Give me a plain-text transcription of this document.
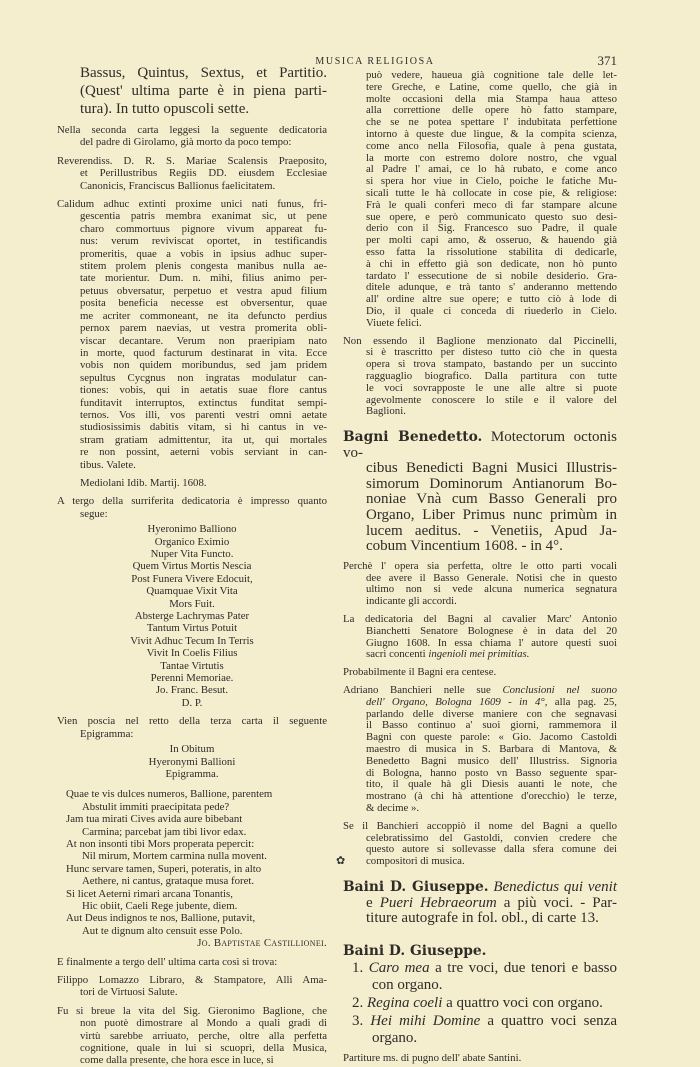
MUSICA RELIGIOSA	371
Bassus, Quintus, Sextus, et Partitio.
(Quest' ultima parte è in piena parti-
tura). In tutto opuscoli sette.
Nella seconda carta leggesi la seguente dedicatoria
del padre di Girolamo, già morto da poco tempo:
Reverendiss. D. R. S. Mariae Scalensis Praeposito,
et Perillustribus Regiis DD. eiusdem Ecclesiae
Canonicis, Franciscus Ballionus faelicitatem.
Calidum adhuc extinti proxime unici nati funus, fri-
gescentia patris membra exanimat sic, ut pene
charo commortuus pignore vivum appareat fu-
nus: verum reviviscat oportet, in testificandis
promeritis, quae a vobis in ipsius adhuc super-
stitem prolem plenis congesta manibus nulla ae-
tate morientur. Dum. n. mihi, filius animo per-
petuus obversatur, perpetuo et vestra apud filium
posita beneficia necesse est obversentur, quae
me acriter commoneant, ne ita defuncto perdius
pernox parem naevias, ut vestra promerita obli-
viscar decantare. Verum non praeripiam nato
in morte, quod facturum destinarat in vita. Ecce
vobis non quidem moribundus, sed jam pridem
sepultus Cycgnus non ingratas modulatur can-
tiones: vobis, qui in aetatis suae flore cantus
funditavit interruptos, extinctus funditat sempi-
ternos. Vos illi, vos parenti vestri omni aetate
studiosissimis dabitis vitam, si hi cantus in ve-
stram gratiam admittentur, ita ut, qui mortales
re non possint, aeterni vobis serviant in can-
tibus. Valete.
Mediolani Idib. Martij. 1608.
A tergo della surriferita dedicatoria è impresso quanto
segue:
Hyeronimo Balliono
Organico Eximio
Nuper Vita Functo.
Quem Virtus Mortis Nescia
Post Funera Vivere Edocuit,
Quamquae Vixit Vita
Mors Fuit.
Absterge Lachrymas Pater
Tantum Virtus Potuit
Vivit Adhuc Tecum In Terris
Vivit In Coelis Filius
Tantae Virtutis
Perenni Memoriae.
Jo. Franc. Besut.
D. P.
Vien poscia nel retto della terza carta il seguente
Epigramma:
In Obitum
Hyeronymi Ballioni
Epigramma.
Quae te vis dulces numeros, Ballione, parentem
Abstulit immiti praecipitata pede?
Jam tua mirati Cives avida aure bibebant
Carmina; parcebat jam tibi livor edax.
At non insonti tibi Mors properata pepercit:
Nil mirum, Mortem carmina nulla movent.
Hunc servare tamen, Superi, poteratis, in alto
Aethere, ni cantus, grataque musa foret.
Si licet Aeterni rimari arcana Tonantis,
Hic obiit, Caeli Rege jubente, diem.
Aut Deus indignos te nos, Ballione, putavit,
Aut te dignum alto censuit esse Polo.
Jo. Baptistae Castillionei.
E finalmente a tergo dell' ultima carta così si trova:
Filippo Lomazzo Libraro, & Stampatore, Alli Ama-
tori de Virtuosi Salute.
Fu si breue la vita del Sig. Gieronimo Baglione, che
non puotè dimostrare al Mondo a quali gradi di
virtù sarebbe arriuato, perche, oltre alla perfetta
cognitione, quale in lui si scuoprì, della Musica,
come dalla presente, che hora esce in luce, si
può vedere, haueua già cognitione tale delle let-
tere Greche, e Latine, come quello, che già in
molte occasioni della mia Stampa haua atteso
alla correttione delle opere hò fatto stampare,
che se ne potea spettare l' indubitata perfettione
intorno à queste due lingue, & la compita scienza,
come anco nella Filosofia, quale à pena gustata,
la morte con estremo dolore nostro, che vgual
al Padre l' amai, ce lo hà rubato, e come anco
si spera hor viue in Cielo, poiche le fatiche Mu-
sicali tutte le hà collocate in cose pie, & religiose:
Frà le quali conferì meco di far stampare alcune
sue opere, e però communicato questo suo desi-
derio con il Sig. Francesco suo Padre, il quale
per molti capi amo, & osseruo, & hauendo già
esso fatta la rissolutione stabilita di dedicarle,
à chi in effetto già son dedicate, non hò punto
tardato l' essecutione de sì nobile desiderio. Gra-
ditele adunque, e trà tanto s' anderanno mettendo
all' ordine altre sue opere; e tutto ciò à lode di
Dio, il quale ci conceda di riuederlo in Cielo.
Viuete felici.
Non essendo il Baglione menzionato dal Piccinelli,
si è trascritto per disteso tutto ciò che in questa
opera si trova stampato, bastando per un succinto
ragguaglio biografico. Dalla partitura con tutte
le voci sovrapposte le une alle altre si puote
agevolmente conoscere lo stile e il valore del
Baglioni.
Bagni Benedetto. Motectorum octonis vo-
cibus Benedicti Bagni Musici Illustris-
simorum Dominorum Antianorum Bo-
noniae Vnà cum Basso Generali pro
Organo, Liber Primus nunc primùm in
lucem aeditus. - Venetiis, Apud Ja-
cobum Vincentium 1608. - in 4°.
Perchè l' opera sia perfetta, oltre le otto parti vocali
dee avere il Basso Generale. Notisi che in questo
ultimo non si vede alcuna numerica segnatura
indicante gli accordi.
La dedicatoria del Bagni al cavalier Marc' Antonio
Bianchetti Senatore Bolognese è in data del 20
Giugno 1608. In essa chiama l' autore questi suoi
sacri concenti ingenioli mei primitias.
Probabilmente il Bagni era centese.
Adriano Banchieri nelle sue Conclusioni nel suono
dell' Organo, Bologna 1609 - in 4°, alla pag. 25,
parlando delle diverse maniere con che segnavasi
il Basso continuo a' suoi giorni, rammemora il
Bagni con queste parole: « Gio. Jacomo Castoldi
maestro di musica in S. Barbara di Mantova, &
Benedetto Bagni musico dell' Illustriss. Signoria
di Bologna, hanno posto vn Basso seguente spar-
tito, il quale hà gli Diesis auanti le note, che
mostrano (à chi hà attentione d'orecchio) le terze,
& decime ».
Se il Banchieri accoppiò il nome del Bagni a quello
celebratissimo del Gastoldi, convien credere che
questo autore si sollevasse dalla sfera comune dei
compositori di musica.
Baini D. Giuseppe. Benedictus qui venit
e Pueri Hebraeorum a più voci. - Par-
titure autografe in fol. obl., di carte 13.
Baini D. Giuseppe.
1. Caro mea a tre voci, due tenori e basso
con organo.
2. Regina coeli a quattro voci con organo.
3. Hei mihi Domine a quattro voci senza
organo.
Partiture ms. di pugno dell' abate Santini.
✿
